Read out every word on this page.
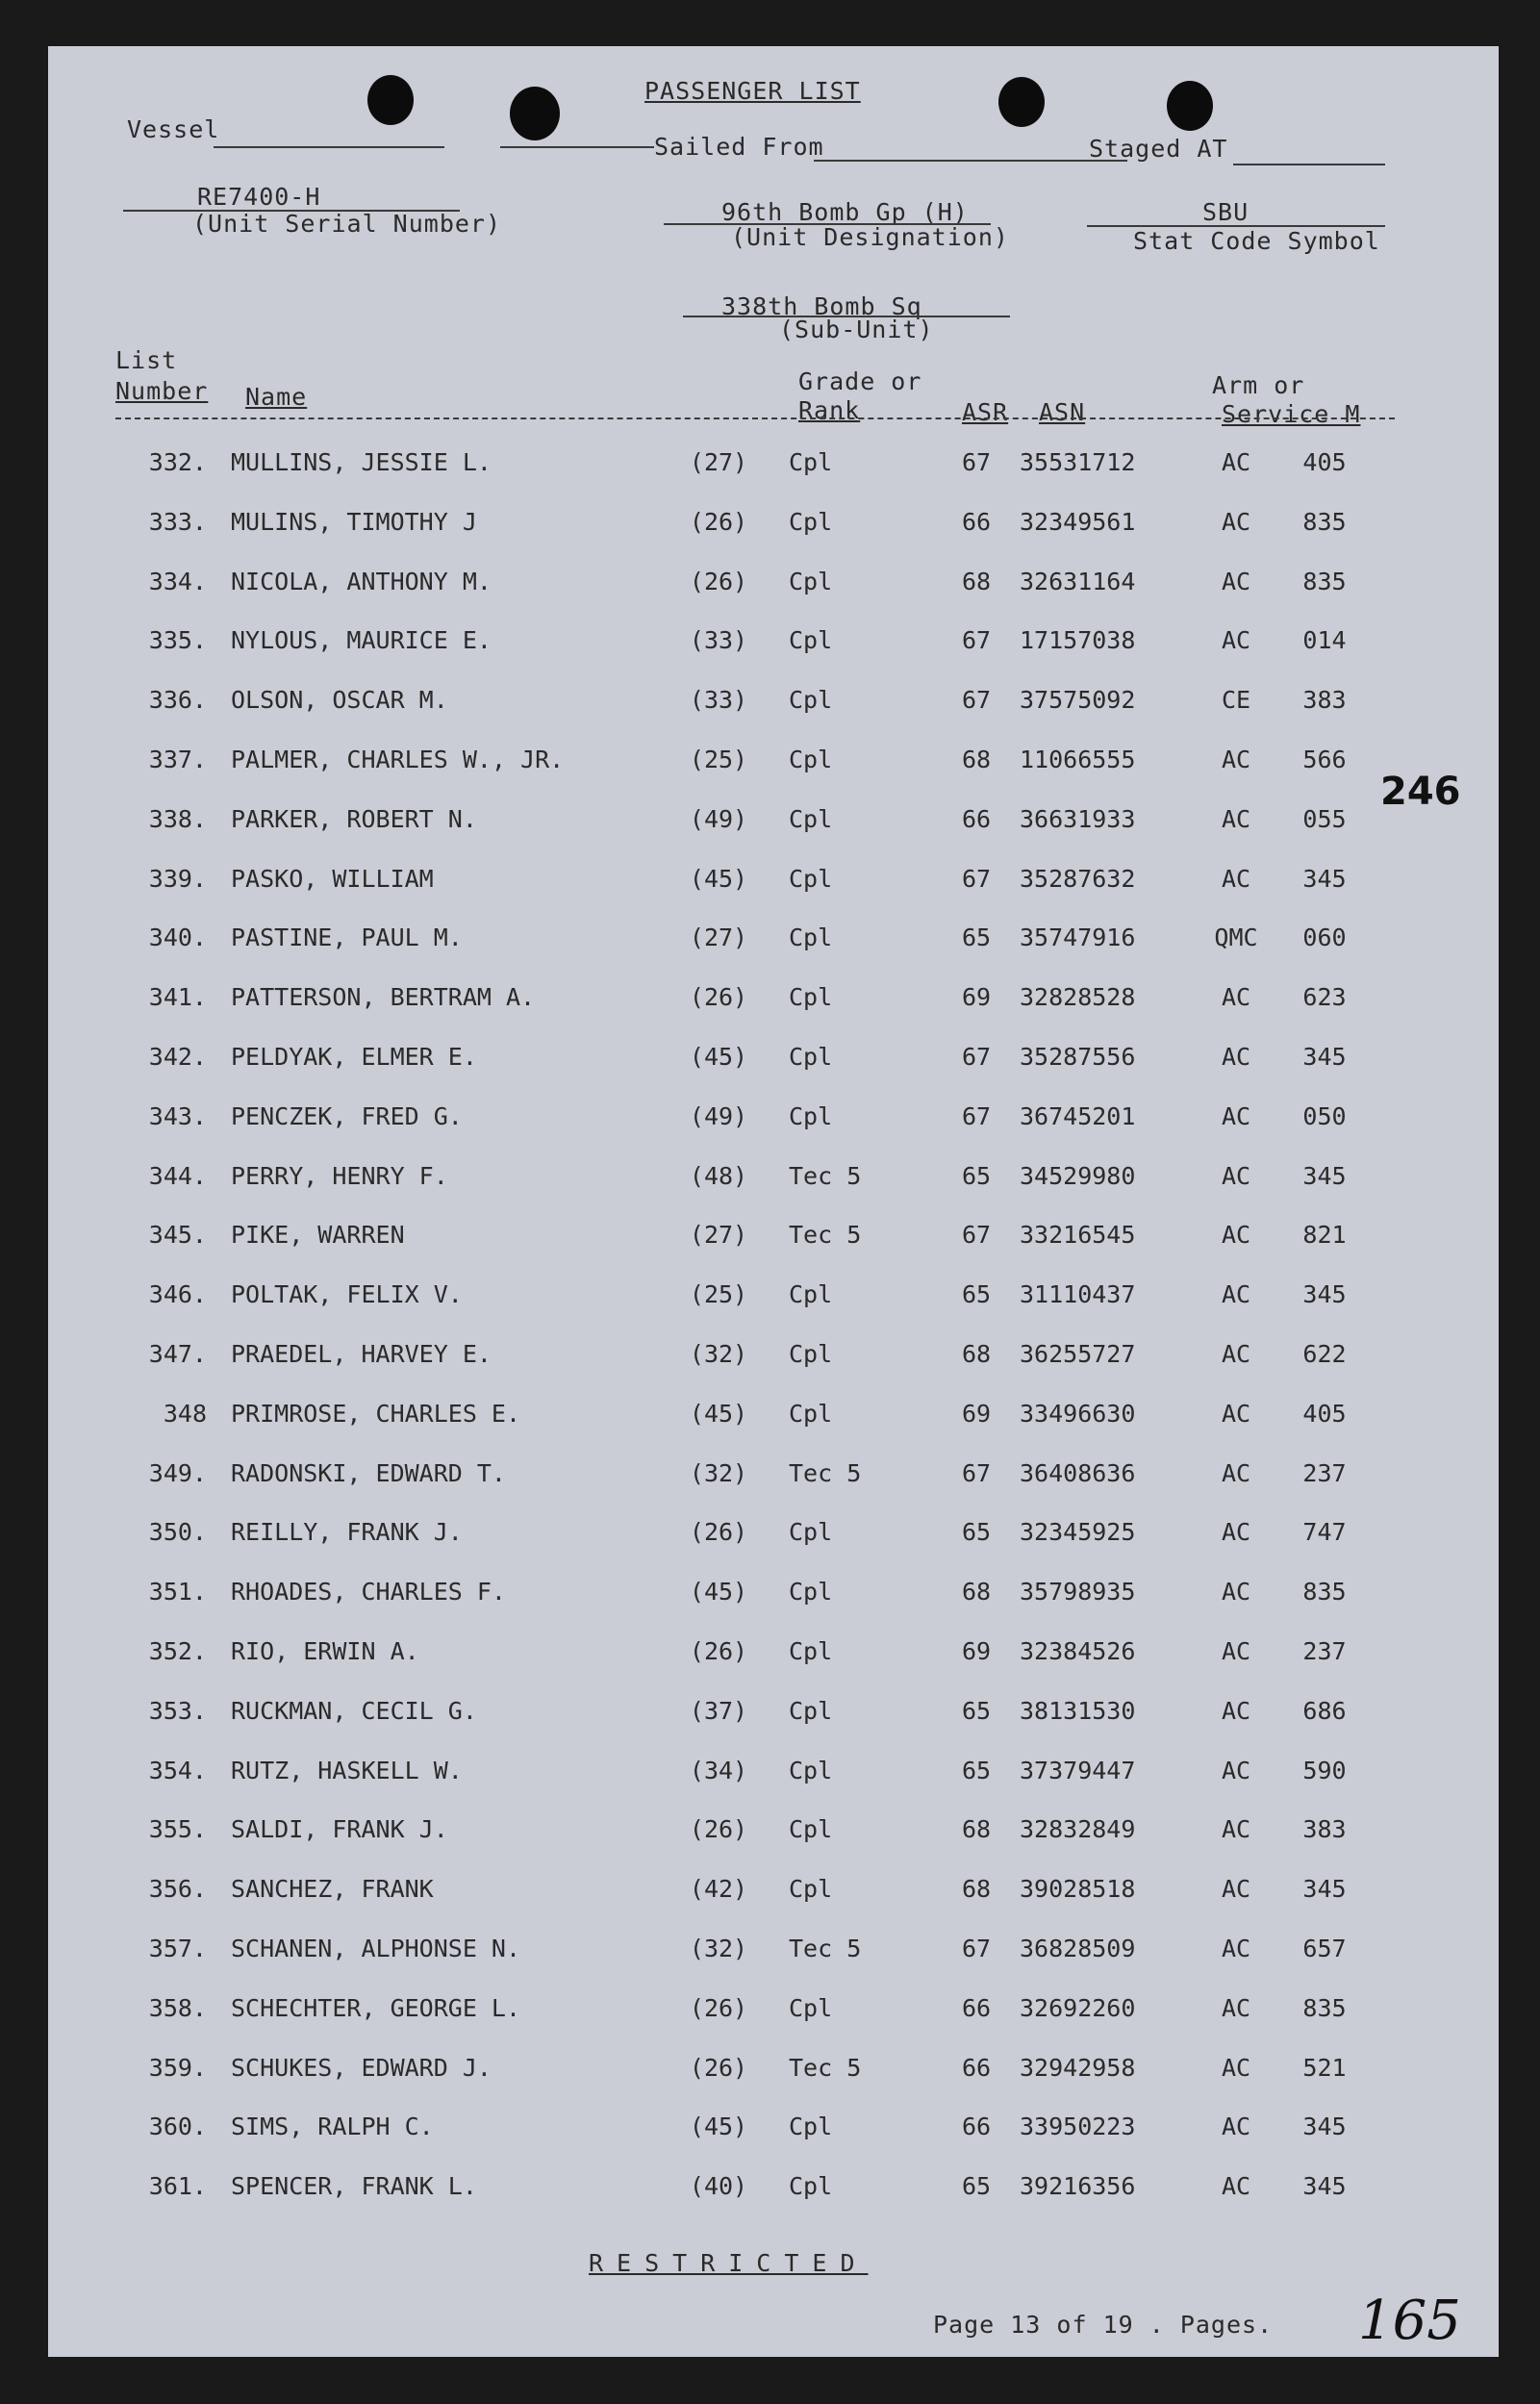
PASSENGER LIST
Vessel
Sailed From	Staged AT
RE7400-H
(Unit Serial Number)	96th Bomb Gp (H)
(Unit Designation)
SBU
Stat Code Symbol
338th Bomb Sq
(Sub-Unit)
List
Number Name
Grade or
Rank	ASR ASN
Arm or
Service M
332. MULLINS, JESSIE L.	(27)	Cpl	67	35531712	AC	405
333. MULINS, TIMOTHY J	(26)	Cpl	66	32349561	AC	835
334. NICOLA, ANTHONY M.	(26)	Cpl	68	32631164	AC	835
335. NYLOUS, MAURICE E.	(33)	Cpl	67	17157038	AC	014
336. OLSON, OSCAR M.	(33)	Cpl	67	37575092	CE	383
337. PALMER, CHARLES W., JR.	(25)	Cpl	68	11066555	AC	566
338. PARKER, ROBERT N.	(49)	Cpl	66	36631933	AC	055
339. PASKO, WILLIAM	(45)	Cpl	67	35287632	AC	345
340. PASTINE, PAUL M.	(27)	Cpl	65	35747916	QMC	060
341. PATTERSON, BERTRAM A.	(26)	Cpl	69	32828528	AC	623
342. PELDYAK, ELMER E.	(45)	Cpl	67	35287556	AC	345
343. PENCZEK, FRED G.	(49)	Cpl	67	36745201	AC	050
344. PERRY, HENRY F.	(48)	Tec 5	65	34529980	AC	345
345. PIKE, WARREN	(27)	Tec 5	67	33216545	AC	821
346. POLTAK, FELIX V.	(25)	Cpl	65	31110437	AC	345
347. PRAEDEL, HARVEY E.	(32)	Cpl	68	36255727	AC	622
348 PRIMROSE, CHARLES E.	(45)	Cpl	69	33496630	AC	405
349. RADONSKI, EDWARD T.	(32)	Tec 5	67	36408636	AC	237
350. REILLY, FRANK J.	(26)	Cpl	65	32345925	AC	747
351. RHOADES, CHARLES F.	(45)	Cpl	68	35798935	AC	835
352. RIO, ERWIN A.	(26)	Cpl	69	32384526	AC	237
353. RUCKMAN, CECIL G.	(37)	Cpl	65	38131530	AC	686
354. RUTZ, HASKELL W.	(34)	Cpl	65	37379447	AC	590
355. SALDI, FRANK J.	(26)	Cpl	68	32832849	AC	383
356. SANCHEZ, FRANK	(42)	Cpl	68	39028518	AC	345
357. SCHANEN, ALPHONSE N.	(32)	Tec 5	67	36828509	AC	657
358. SCHECHTER, GEORGE L.	(26)	Cpl	66	32692260	AC	835
359. SCHUKES, EDWARD J.	(26)	Tec 5	66	32942958	AC	521
360. SIMS, RALPH C.	(45)	Cpl	66	33950223	AC	345
361. SPENCER, FRANK L.	(40)	Cpl	65	39216356	AC	345
246
RESTRICTED
Page 13 of 19 . Pages. 165
